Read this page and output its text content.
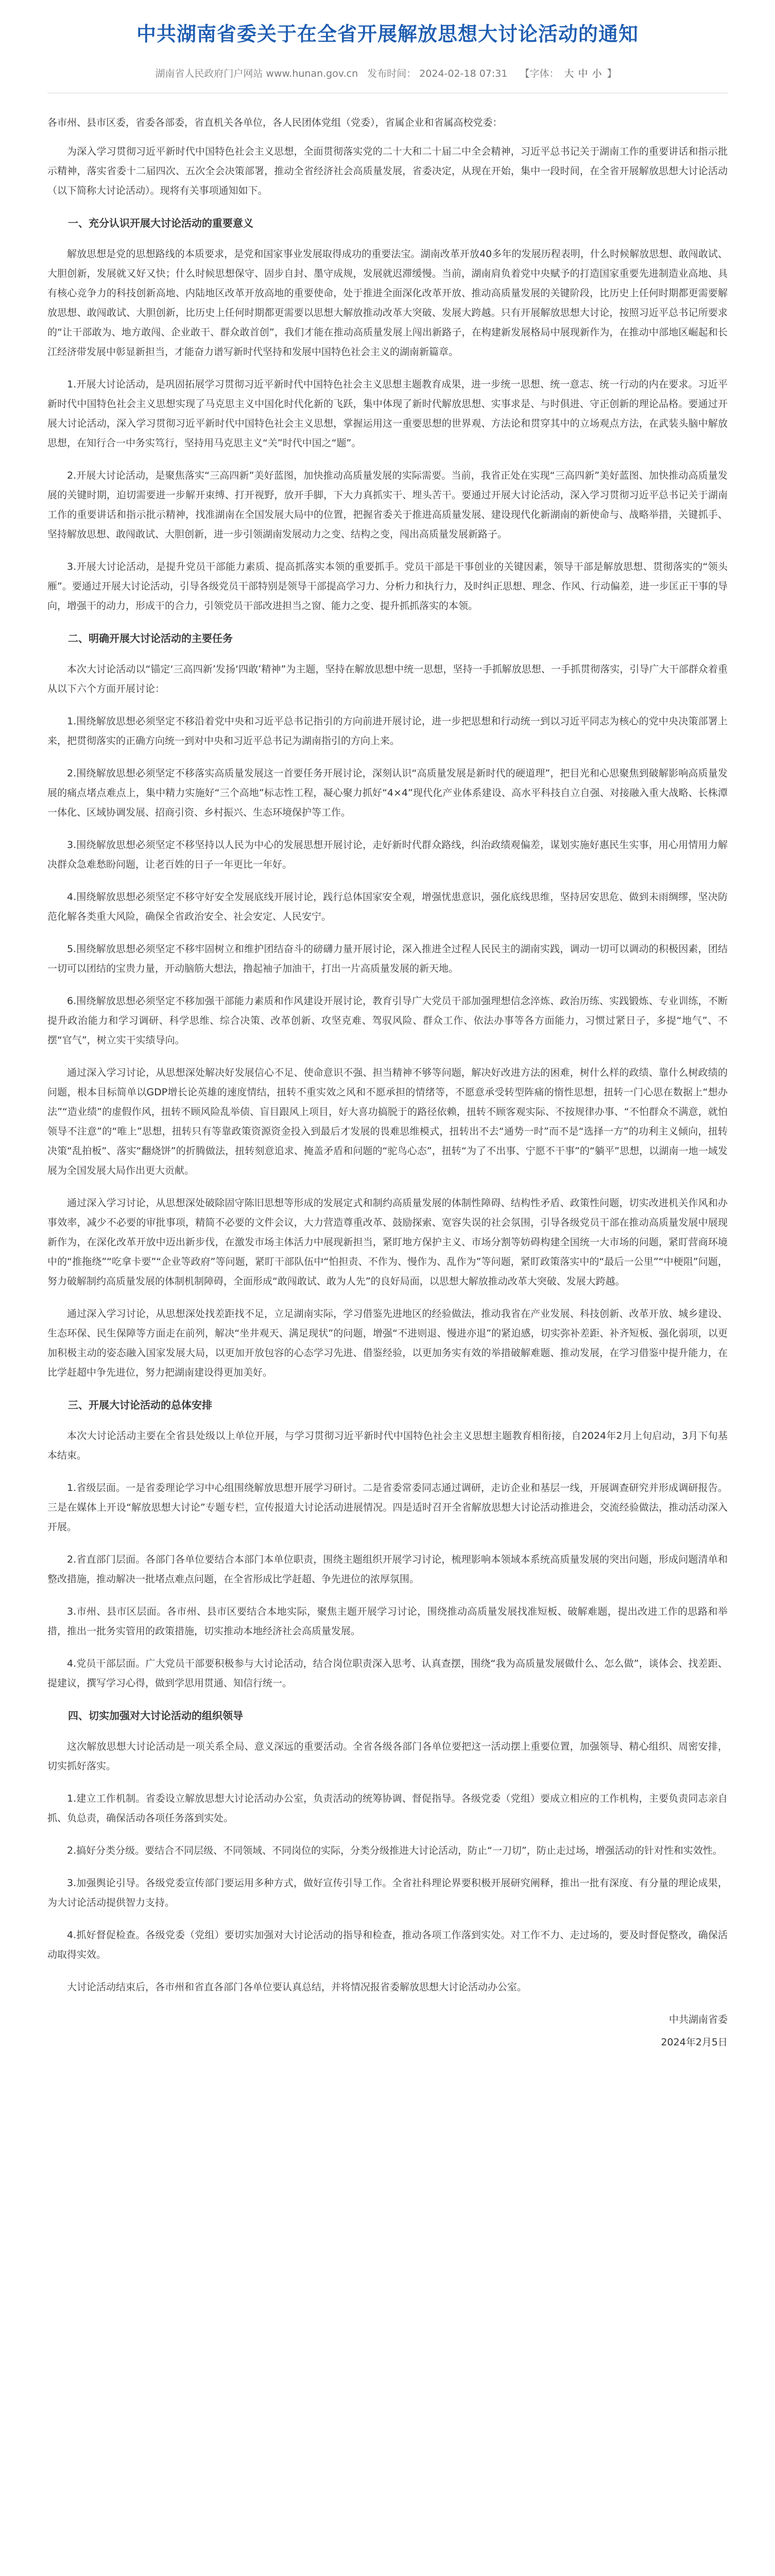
中共湖南省委关于在全省开展解放思想大讨论活动的通知
湖南省人民政府门户网站 www.hunan.gov.cn 发布时间： 2024-02-18 07:31 【字体： 大 中 小 】

各市州、县市区委，省委各部委，省直机关各单位，各人民团体党组（党委），省属企业和省属高校党委：

为深入学习贯彻习近平新时代中国特色社会主义思想，全面贯彻落实党的二十大和二十届二中全会精神，习近平总书记关于湖南工作的重要讲话和指示批示精神，落实省委十二届四次、五次全会决策部署，推动全省经济社会高质量发展，省委决定，从现在开始，集中一段时间，在全省开展解放思想大讨论活动（以下简称大讨论活动）。现将有关事项通知如下。

一、充分认识开展大讨论活动的重要意义

解放思想是党的思想路线的本质要求，是党和国家事业发展取得成功的重要法宝。湖南改革开放40多年的发展历程表明，什么时候解放思想、敢闯敢试、大胆创新，发展就又好又快；什么时候思想保守、固步自封、墨守成规，发展就迟滞缓慢。当前，湖南肩负着党中央赋予的打造国家重要先进制造业高地、具有核心竞争力的科技创新高地、内陆地区改革开放高地的重要使命，处于推进全面深化改革开放、推动高质量发展的关键阶段，比历史上任何时期都更需要解放思想、敢闯敢试、大胆创新，比历史上任何时期都更需要以思想大解放推动改革大突破、发展大跨越。只有开展解放思想大讨论，按照习近平总书记所要求的“让干部敢为、地方敢闯、企业敢干、群众敢首创”，我们才能在推动高质量发展上闯出新路子，在构建新发展格局中展现新作为，在推动中部地区崛起和长江经济带发展中彰显新担当，才能奋力谱写新时代坚持和发展中国特色社会主义的湖南新篇章。

1.开展大讨论活动，是巩固拓展学习贯彻习近平新时代中国特色社会主义思想主题教育成果，进一步统一思想、统一意志、统一行动的内在要求。习近平新时代中国特色社会主义思想实现了马克思主义中国化时代化新的飞跃，集中体现了新时代解放思想、实事求是、与时俱进、守正创新的理论品格。要通过开展大讨论活动，深入学习贯彻习近平新时代中国特色社会主义思想，掌握运用这一重要思想的世界观、方法论和贯穿其中的立场观点方法，在武装头脑中解放思想，在知行合一中务实笃行，坚持用马克思主义“关”时代中国之“题”。

2.开展大讨论活动，是聚焦落实“三高四新”美好蓝图，加快推动高质量发展的实际需要。当前，我省正处在实现“三高四新”美好蓝图、加快推动高质量发展的关键时期，迫切需要进一步解开束缚、打开视野，放开手脚，下大力真抓实干、埋头苦干。要通过开展大讨论活动，深入学习贯彻习近平总书记关于湖南工作的重要讲话和指示批示精神，找准湖南在全国发展大局中的位置，把握省委关于推进高质量发展、建设现代化新湖南的新使命与、战略举措，关键抓手、坚持解放思想、敢闯敢试、大胆创新，进一步引领湖南发展动力之变、结构之变，闯出高质量发展新路子。

3.开展大讨论活动，是提升党员干部能力素质、提高抓落实本领的重要抓手。党员干部是干事创业的关键因素，领导干部是解放思想、贯彻落实的“领头雁”。要通过开展大讨论活动，引导各级党员干部特别是领导干部提高学习力、分析力和执行力，及时纠正思想、理念、作风、行动偏差，进一步匡正干事的导向，增强干的动力，形成干的合力，引领党员干部改进担当之窗、能力之变、提升抓抓落实的本领。

二、明确开展大讨论活动的主要任务

本次大讨论活动以“锚定‘三高四新’发扬‘四敢’精神”为主题，坚持在解放思想中统一思想，坚持一手抓解放思想、一手抓贯彻落实，引导广大干部群众着重从以下六个方面开展讨论：

1.围绕解放思想必须坚定不移沿着党中央和习近平总书记指引的方向前进开展讨论，进一步把思想和行动统一到以习近平同志为核心的党中央决策部署上来，把贯彻落实的正确方向统一到对中央和习近平总书记为湖南指引的方向上来。

2.围绕解放思想必须坚定不移落实高质量发展这一首要任务开展讨论，深刻认识“高质量发展是新时代的硬道理”，把目光和心思聚焦到破解影响高质量发展的痛点堵点难点上，集中精力实施好“三个高地”标志性工程，凝心聚力抓好“4×4”现代化产业体系建设、高水平科技自立自强、对接融入重大战略、长株潭一体化、区域协调发展、招商引资、乡村振兴、生态环境保护等工作。

3.围绕解放思想必须坚定不移坚持以人民为中心的发展思想开展讨论，走好新时代群众路线，纠治政绩观偏差，谋划实施好惠民生实事，用心用情用力解决群众急难愁盼问题，让老百姓的日子一年更比一年好。

4.围绕解放思想必须坚定不移守好安全发展底线开展讨论，践行总体国家安全观，增强忧患意识，强化底线思维，坚持居安思危、做到未雨绸缪，坚决防范化解各类重大风险，确保全省政治安全、社会安定、人民安宁。

5.围绕解放思想必须坚定不移牢固树立和维护团结奋斗的磅礴力量开展讨论，深入推进全过程人民民主的湖南实践，调动一切可以调动的积极因素，团结一切可以团结的宝贵力量，开动脑筋大想法，撸起袖子加油干，打出一片高质量发展的新天地。

6.围绕解放思想必须坚定不移加强干部能力素质和作风建设开展讨论，教育引导广大党员干部加强理想信念淬炼、政治历练、实践锻炼、专业训练，不断提升政治能力和学习调研、科学思维、综合决策、改革创新、攻坚克难、驾驭风险、群众工作、依法办事等各方面能力，习惯过紧日子，多提“地气”、不摆“官气”，树立实干实绩导向。

通过深入学习讨论，从思想深处解决好发展信心不足、使命意识不强、担当精神不够等问题，解决好改进方法的困难，树什么样的政绩、靠什么树政绩的问题，根本目标简单以GDP增长论英雄的速度情结，扭转不重实效之风和不愿承担的情绪等，不愿意承受转型阵痛的惰性思想，扭转一门心思在数据上“想办法”“造业绩”的虚假作风，扭转不顾风险乱举债、盲目跟风上项目，好大喜功搞脱于的路径依赖，扭转不顾客观实际、不按规律办事、“不怕群众不满意，就怕领导不注意”的“唯上”思想，扭转只有等靠政策资源资金投入到最后才发展的畏难思维模式，扭转出不去“通势一时”而不是“选择一方”的功利主义倾向，扭转决策“乱拍板”、落实“翻烧饼”的折腾做法，扭转刻意追求、掩盖矛盾和问题的“驼鸟心态”，扭转“为了不出事、宁愿不干事”的“躺平”思想，以湖南一地一域发展为全国发展大局作出更大贡献。

通过深入学习讨论，从思想深处破除固守陈旧思想等形成的发展定式和制约高质量发展的体制性障碍、结构性矛盾、政策性问题，切实改进机关作风和办事效率，减少不必要的审批事项，精简不必要的文件会议，大力营造尊重改革、鼓励探索、宽容失误的社会氛围，引导各级党员干部在推动高质量发展中展现新作为，在深化改革开放中迈出新步伐，在激发市场主体活力中展现新担当，紧盯地方保护主义、市场分割等妨碍构建全国统一大市场的问题，紧盯营商环境中的“推拖绕”“吃拿卡要”“企业等政府”等问题，紧盯干部队伍中“怕担责、不作为、慢作为、乱作为”等问题，紧盯政策落实中的“最后一公里”“中梗阻”问题，努力破解制约高质量发展的体制机制障碍，全面形成“敢闯敢试、敢为人先”的良好局面，以思想大解放推动改革大突破、发展大跨越。

通过深入学习讨论，从思想深处找差距找不足，立足湖南实际，学习借鉴先进地区的经验做法，推动我省在产业发展、科技创新、改革开放、城乡建设、生态环保、民生保障等方面走在前列，解决“坐井观天、满足现状”的问题，增强“不进则退、慢进亦退”的紧迫感，切实弥补差距、补齐短板、强化弱项，以更加积极主动的姿态融入国家发展大局，以更加开放包容的心态学习先进、借鉴经验，以更加务实有效的举措破解难题、推动发展，在学习借鉴中提升能力，在比学赶超中争先进位，努力把湖南建设得更加美好。

三、开展大讨论活动的总体安排

本次大讨论活动主要在全省县处级以上单位开展，与学习贯彻习近平新时代中国特色社会主义思想主题教育相衔接，自2024年2月上旬启动，3月下旬基本结束。

1.省级层面。一是省委理论学习中心组围绕解放思想开展学习研讨。二是省委常委同志通过调研，走访企业和基层一线，开展调查研究并形成调研报告。三是在媒体上开设“解放思想大讨论”专题专栏，宣传报道大讨论活动进展情况。四是适时召开全省解放思想大讨论活动推进会，交流经验做法，推动活动深入开展。

2.省直部门层面。各部门各单位要结合本部门本单位职责，围绕主题组织开展学习讨论，梳理影响本领域本系统高质量发展的突出问题，形成问题清单和整改措施，推动解决一批堵点难点问题，在全省形成比学赶超、争先进位的浓厚氛围。

3.市州、县市区层面。各市州、县市区要结合本地实际，聚焦主题开展学习讨论，围绕推动高质量发展找准短板、破解难题，提出改进工作的思路和举措，推出一批务实管用的政策措施，切实推动本地经济社会高质量发展。

4.党员干部层面。广大党员干部要积极参与大讨论活动，结合岗位职责深入思考、认真查摆，围绕“我为高质量发展做什么、怎么做”，谈体会、找差距、提建议，撰写学习心得，做到学思用贯通、知信行统一。

四、切实加强对大讨论活动的组织领导

这次解放思想大讨论活动是一项关系全局、意义深远的重要活动。全省各级各部门各单位要把这一活动摆上重要位置，加强领导、精心组织、周密安排，切实抓好落实。

1.建立工作机制。省委设立解放思想大讨论活动办公室，负责活动的统筹协调、督促指导。各级党委（党组）要成立相应的工作机构，主要负责同志亲自抓、负总责，确保活动各项任务落到实处。

2.搞好分类分级。要结合不同层级、不同领域、不同岗位的实际，分类分级推进大讨论活动，防止“一刀切”，防止走过场，增强活动的针对性和实效性。

3.加强舆论引导。各级党委宣传部门要运用多种方式，做好宣传引导工作。全省社科理论界要积极开展研究阐释，推出一批有深度、有分量的理论成果，为大讨论活动提供智力支持。

4.抓好督促检查。各级党委（党组）要切实加强对大讨论活动的指导和检查，推动各项工作落到实处。对工作不力、走过场的，要及时督促整改，确保活动取得实效。

大讨论活动结束后，各市州和省直各部门各单位要认真总结，并将情况报省委解放思想大讨论活动办公室。

中共湖南省委

2024年2月5日
